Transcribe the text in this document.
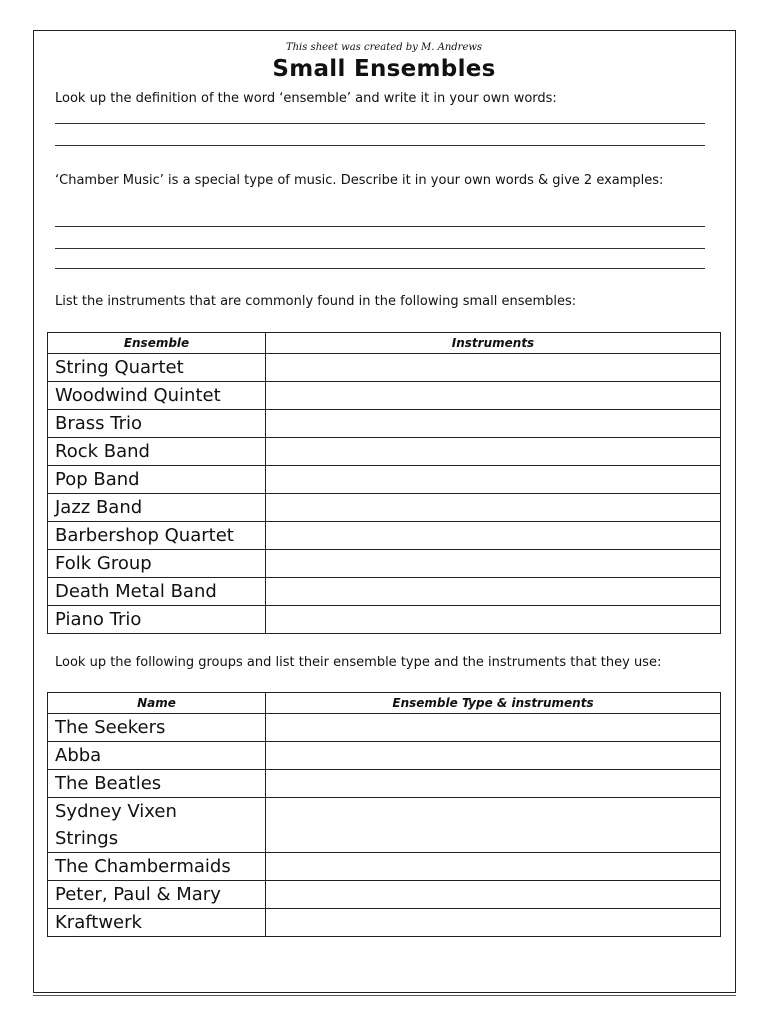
This sheet was created by M. Andrews
Small Ensembles
Look up the definition of the word ‘ensemble’ and write it in your own words:
‘Chamber Music’ is a special type of music. Describe it in your own words & give 2 examples:
List the instruments that are commonly found in the following small ensembles:
Ensemble	Instruments
String Quartet	
Woodwind Quintet	
Brass Trio	
Rock Band	
Pop Band	
Jazz Band	
Barbershop Quartet	
Folk Group	
Death Metal Band	
Piano Trio	
Look up the following groups and list their ensemble type and the instruments that they use:
Name	Ensemble Type & instruments
The Seekers	
Abba	
The Beatles	
Sydney Vixen Strings	
The Chambermaids	
Peter, Paul & Mary	
Kraftwerk	
